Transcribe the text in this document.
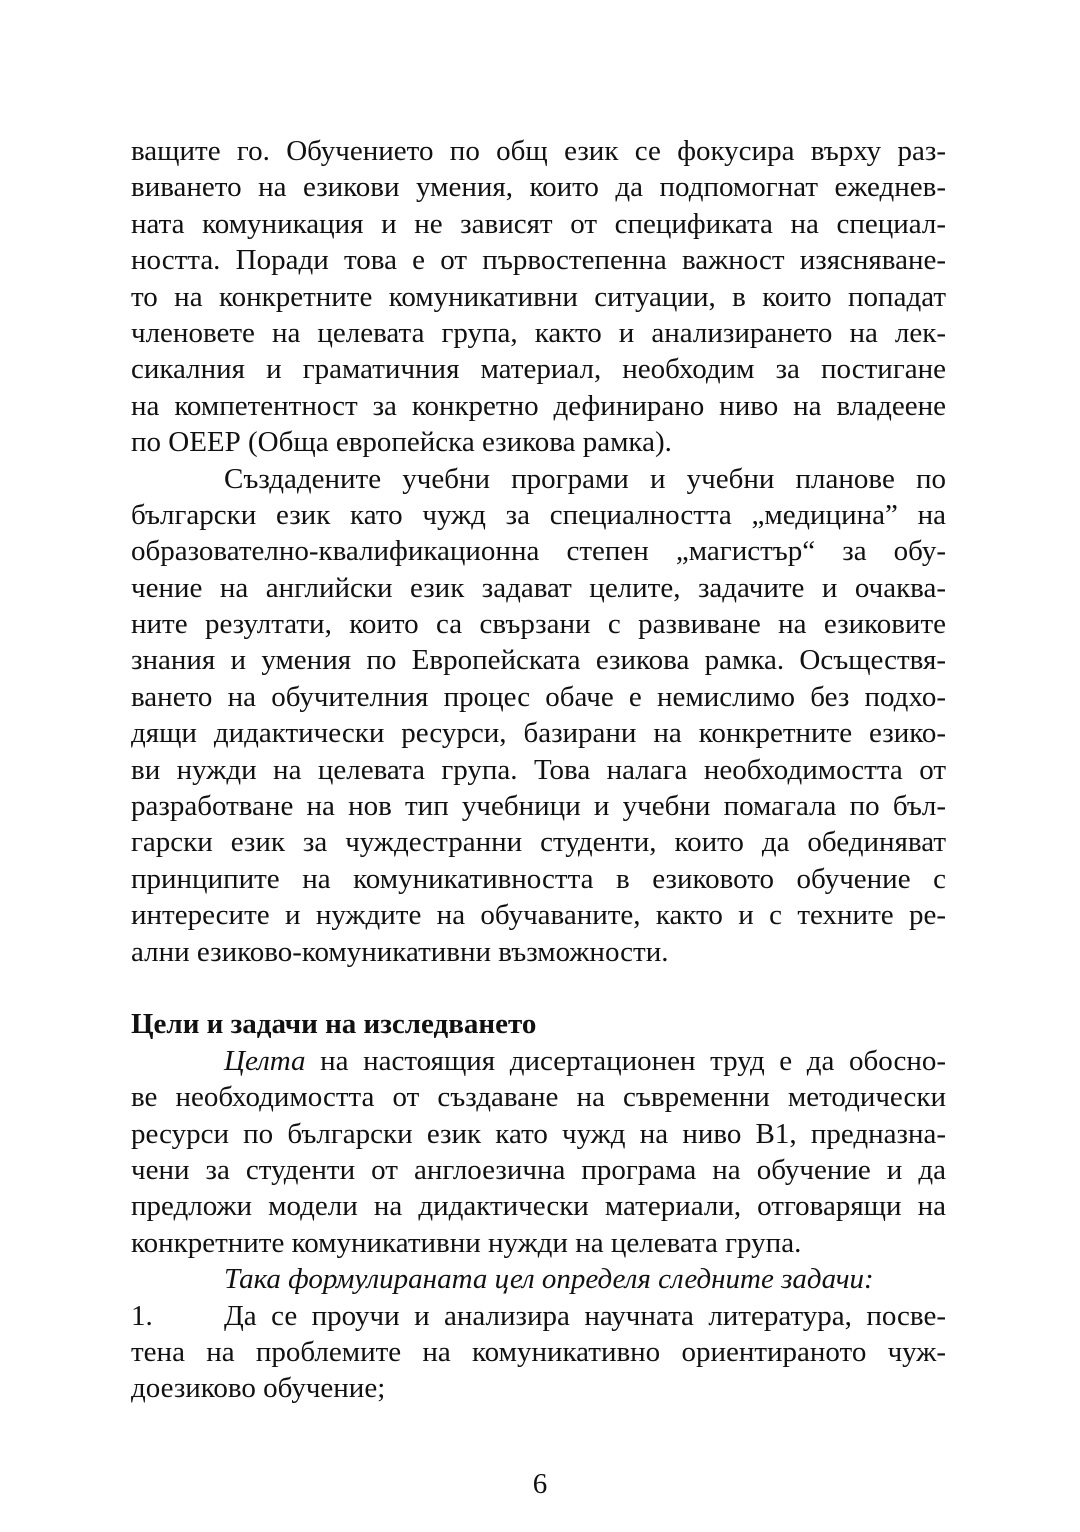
ващите го. Обучението по общ език се фокусира върху раз-
виването на езикови умения, които да подпомогнат ежеднев-
ната комуникация и не зависят от спецификата на специал-
ността. Поради това е от първостепенна важност изясняване-
то на конкретните комуникативни ситуации, в които попадат
членовете на целевата група, както и анализирането на лек-
сикалния и граматичния материал, необходим за постигане
на компетентност за конкретно дефинирано ниво на владеене
по ОЕЕР (Обща европейска езикова рамка).
Създадените учебни програми и учебни планове по
български език като чужд за специалността „медицина” на
образователно-квалификационна степен „магистър“ за обу-
чение на английски език задават целите, задачите и очаква-
ните резултати, които са свързани с развиване на езиковите
знания и умения по Европейската езикова рамка. Осъществя-
ването на обучителния процес обаче е немислимо без подхо-
дящи дидактически ресурси, базирани на конкретните езико-
ви нужди на целевата група. Това налага необходимостта от
разработване на нов тип учебници и учебни помагала по бъл-
гарски език за чуждестранни студенти, които да обединяват
принципите на комуникативността в езиковото обучение с
интересите и нуждите на обучаваните, както и с техните ре-
ални езиково-комуникативни възможности.
Цели и задачи на изследването
Целта на настоящия дисертационен труд е да обосно-
ве необходимостта от създаване на съвременни методически
ресурси по български език като чужд на ниво В1, предназна-
чени за студенти от англоезична програма на обучение и да
предложи модели на дидактически материали, отговарящи на
конкретните комуникативни нужди на целевата група.
Така формулираната цел определя следните задачи:
1. Да се проучи и анализира научната литература, посве-
тена на проблемите на комуникативно ориентираното чуж-
доезиково обучение;
6
